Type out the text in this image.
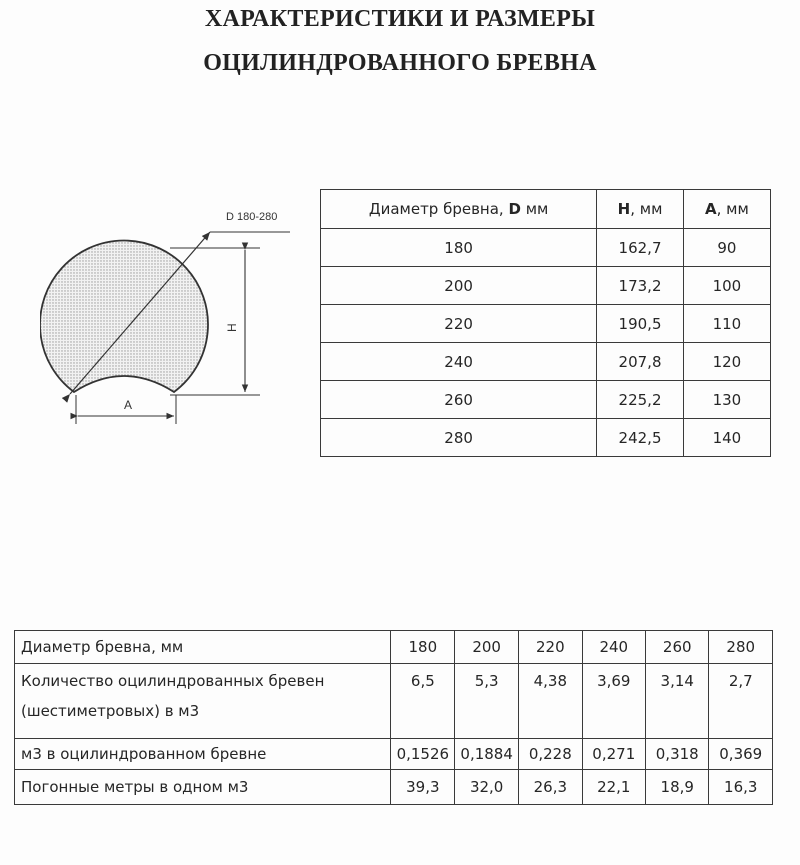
ХАРАКТЕРИСТИКИ И РАЗМЕРЫ
ОЦИЛИНДРОВАННОГО БРЕВНА
D 180-280
H
A
Диаметр бревна, D мм	H, мм	A, мм
180	162,7	90
200	173,2	100
220	190,5	110
240	207,8	120
260	225,2	130
280	242,5	140
Диаметр бревна, мм	180	200	220	240	260	280

Количество оцилиндрованных бревен
(шестиметровых) в м3	6,5	5,3	4,38	3,69	3,14	2,7
м3 в оцилиндрованном бревне	0,1526	0,1884	0,228	0,271	0,318	0,369
Погонные метры в одном м3	39,3	32,0	26,3	22,1	18,9	16,3
